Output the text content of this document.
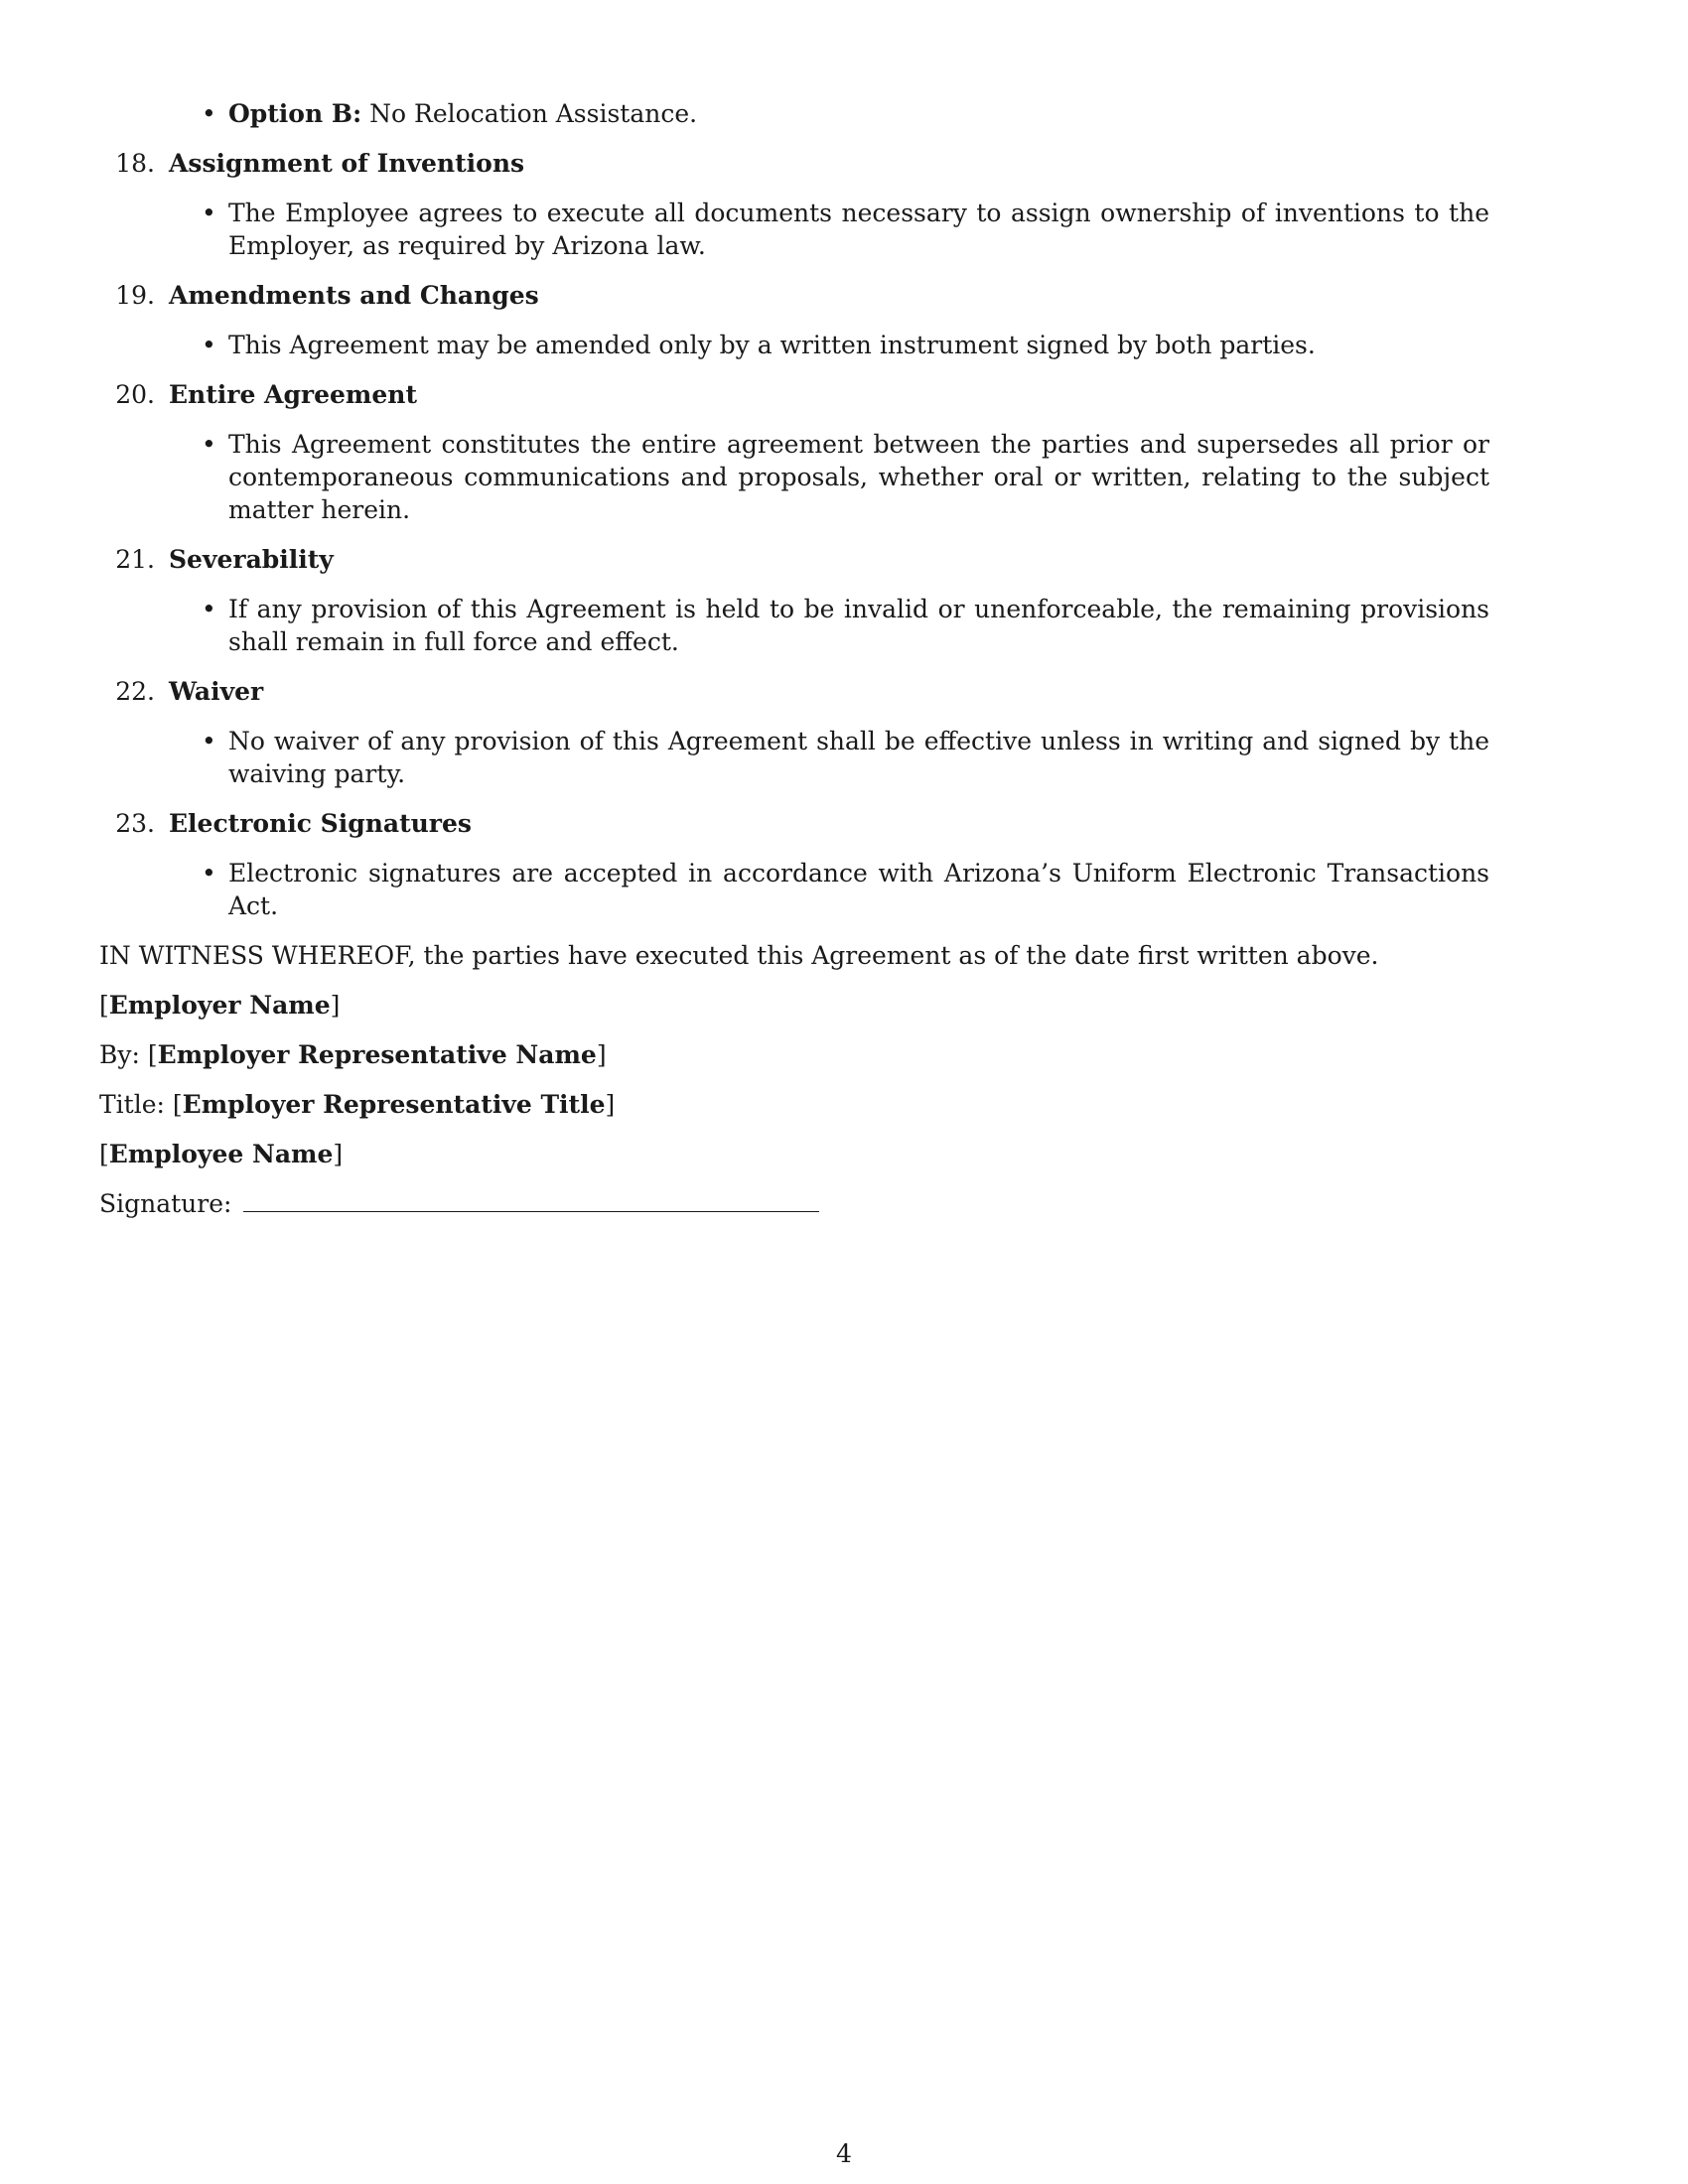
• Option B: No Relocation Assistance.
18. Assignment of Inventions
• The Employee agrees to execute all documents necessary to assign ownership of inventions to the Employer, as required by Arizona law.
19. Amendments and Changes
• This Agreement may be amended only by a written instrument signed by both parties.
20. Entire Agreement
• This Agreement constitutes the entire agreement between the parties and supersedes all prior or contemporaneous communications and proposals, whether oral or written, relating to the subject matter herein.
21. Severability
• If any provision of this Agreement is held to be invalid or unenforceable, the remaining provisions shall remain in full force and effect.
22. Waiver
• No waiver of any provision of this Agreement shall be effective unless in writing and signed by the waiving party.
23. Electronic Signatures
• Electronic signatures are accepted in accordance with Arizona’s Uniform Electronic Transactions Act.
IN WITNESS WHEREOF, the parties have executed this Agreement as of the date first written above.
[Employer Name]
By: [Employer Representative Name]
Title: [Employer Representative Title]
[Employee Name]
Signature:
4
